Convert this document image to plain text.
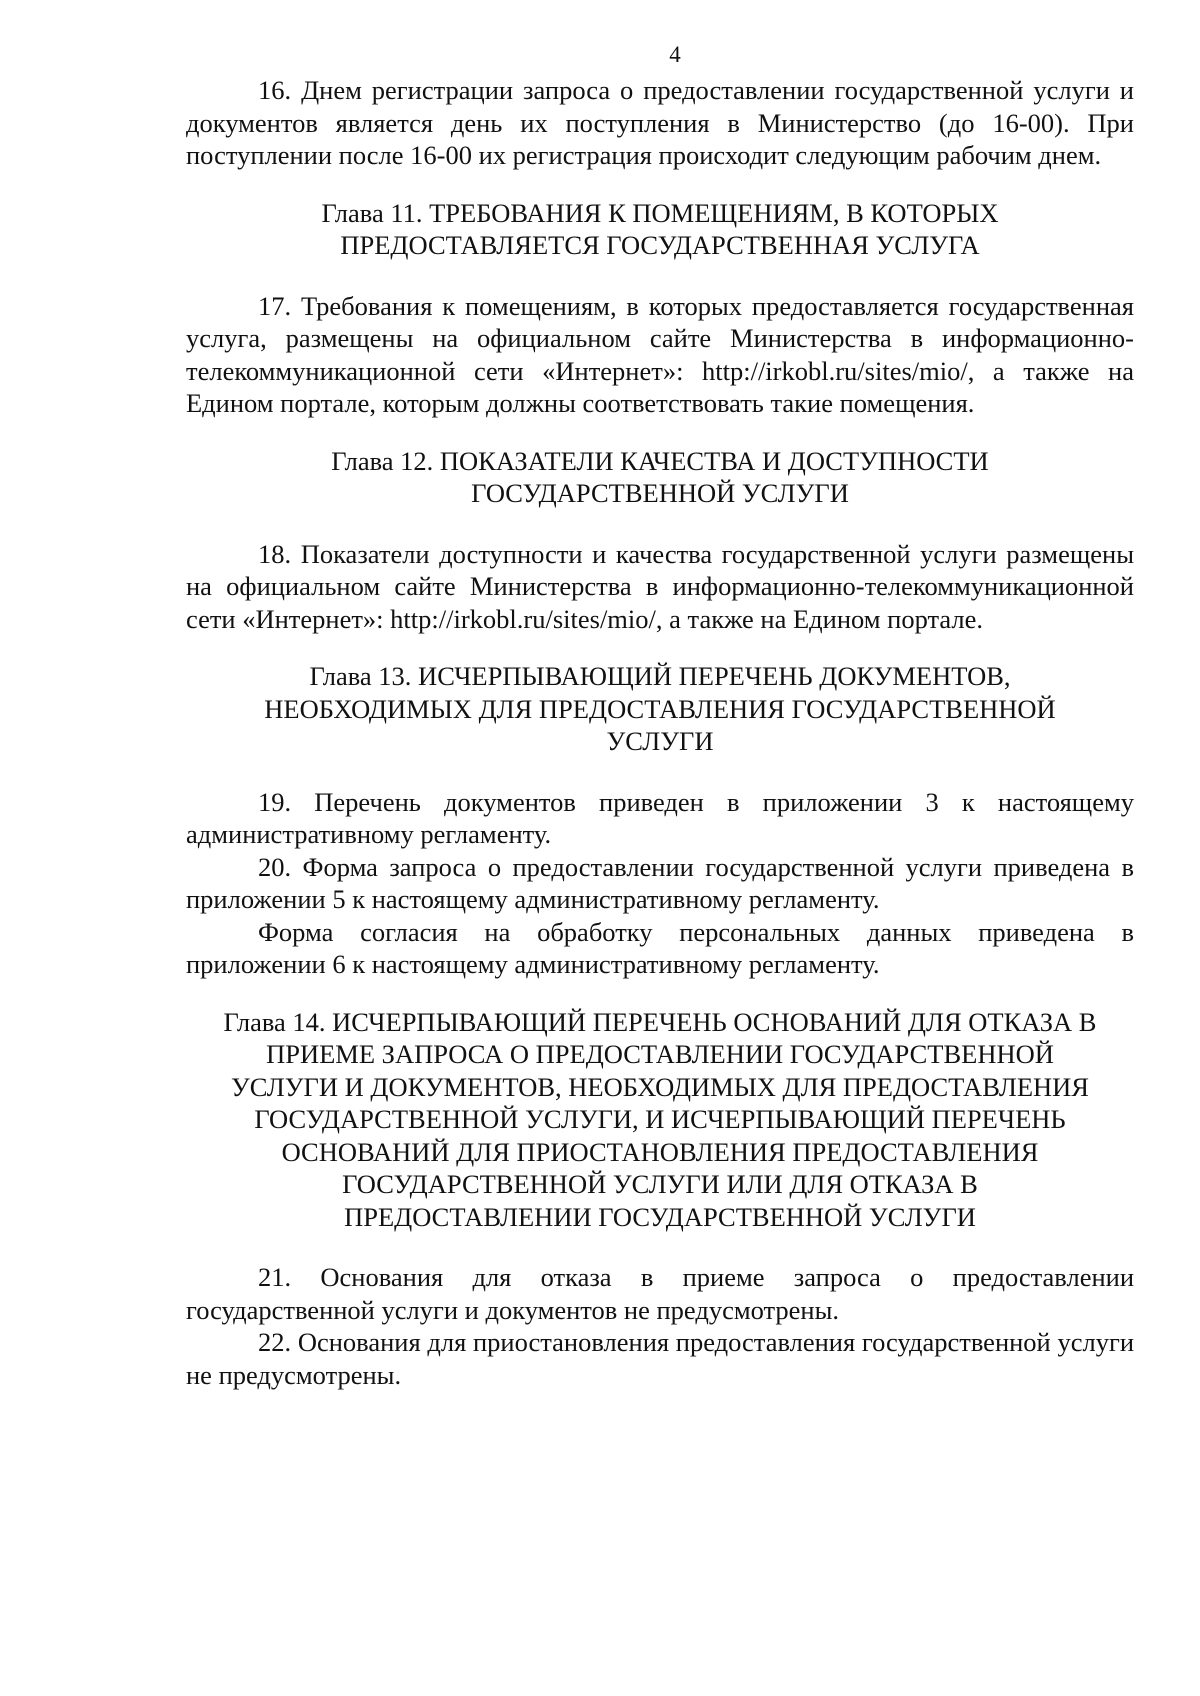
4

16. Днем регистрации запроса о предоставлении государственной услуги и документов является день их поступления в Министерство (до 16-00). При поступлении после 16-00 их регистрация происходит следующим рабочим днем.

Глава 11. ТРЕБОВАНИЯ К ПОМЕЩЕНИЯМ, В КОТОРЫХ
ПРЕДОСТАВЛЯЕТСЯ ГОСУДАРСТВЕННАЯ УСЛУГА

17. Требования к помещениям, в которых предоставляется государственная услуга, размещены на официальном сайте Министерства в информационно-телекоммуникационной сети «Интернет»: http://irkobl.ru/sites/mio/, а также на Едином портале, которым должны соответствовать такие помещения.

Глава 12. ПОКАЗАТЕЛИ КАЧЕСТВА И ДОСТУПНОСТИ
ГОСУДАРСТВЕННОЙ УСЛУГИ

18. Показатели доступности и качества государственной услуги размещены на официальном сайте Министерства в информационно-телекоммуникационной сети «Интернет»: http://irkobl.ru/sites/mio/, а также на Едином портале.

Глава 13. ИСЧЕРПЫВАЮЩИЙ ПЕРЕЧЕНЬ ДОКУМЕНТОВ,
НЕОБХОДИМЫХ ДЛЯ ПРЕДОСТАВЛЕНИЯ ГОСУДАРСТВЕННОЙ
УСЛУГИ

19. Перечень документов приведен в приложении 3 к настоящему административному регламенту.

20. Форма запроса о предоставлении государственной услуги приведена в приложении 5 к настоящему административному регламенту.

Форма согласия на обработку персональных данных приведена в приложении 6 к настоящему административному регламенту.

Глава 14. ИСЧЕРПЫВАЮЩИЙ ПЕРЕЧЕНЬ ОСНОВАНИЙ ДЛЯ ОТКАЗА В
ПРИЕМЕ ЗАПРОСА О ПРЕДОСТАВЛЕНИИ ГОСУДАРСТВЕННОЙ
УСЛУГИ И ДОКУМЕНТОВ, НЕОБХОДИМЫХ ДЛЯ ПРЕДОСТАВЛЕНИЯ
ГОСУДАРСТВЕННОЙ УСЛУГИ, И ИСЧЕРПЫВАЮЩИЙ ПЕРЕЧЕНЬ
ОСНОВАНИЙ ДЛЯ ПРИОСТАНОВЛЕНИЯ ПРЕДОСТАВЛЕНИЯ
ГОСУДАРСТВЕННОЙ УСЛУГИ ИЛИ ДЛЯ ОТКАЗА В
ПРЕДОСТАВЛЕНИИ ГОСУДАРСТВЕННОЙ УСЛУГИ

21. Основания для отказа в приеме запроса о предоставлении государственной услуги и документов не предусмотрены.

22. Основания для приостановления предоставления государственной услуги не предусмотрены.
